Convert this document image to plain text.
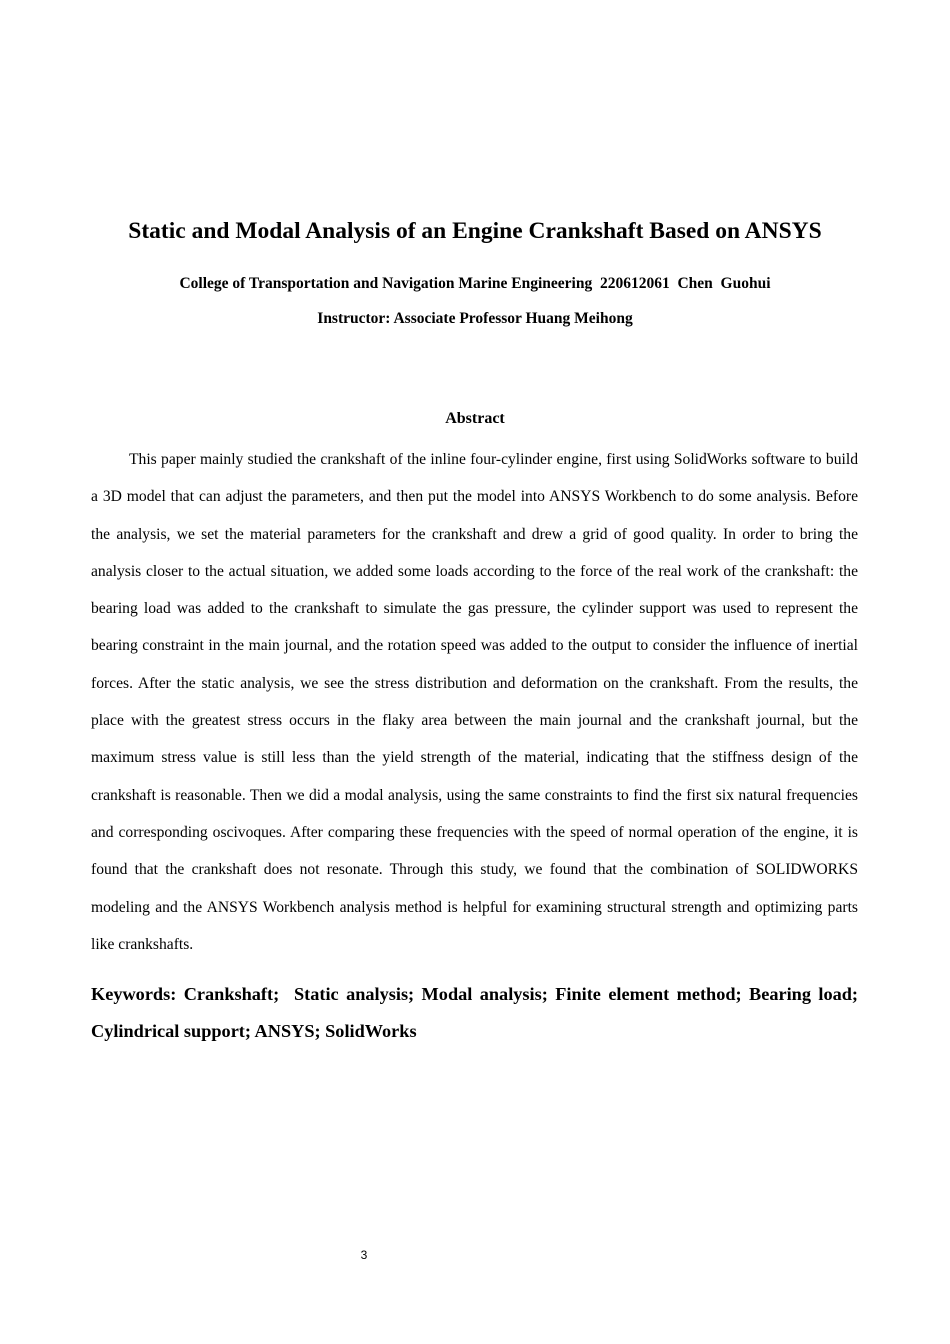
Static and Modal Analysis of an Engine Crankshaft Based on ANSYS

College of Transportation and Navigation Marine Engineering  220612061  Chen  Guohui

Instructor: Associate Professor Huang Meihong

Abstract

This paper mainly studied the crankshaft of the inline four-cylinder engine, first using SolidWorks software to build a 3D model that can adjust the parameters, and then put the model into ANSYS Workbench to do some analysis. Before the analysis, we set the material parameters for the crankshaft and drew a grid of good quality. In order to bring the analysis closer to the actual situation, we added some loads according to the force of the real work of the crankshaft: the bearing load was added to the crankshaft to simulate the gas pressure, the cylinder support was used to represent the bearing constraint in the main journal, and the rotation speed was added to the output to consider the influence of inertial forces. After the static analysis, we see the stress distribution and deformation on the crankshaft. From the results, the place with the greatest stress occurs in the flaky area between the main journal and the crankshaft journal, but the maximum stress value is still less than the yield strength of the material, indicating that the stiffness design of the crankshaft is reasonable. Then we did a modal analysis, using the same constraints to find the first six natural frequencies and corresponding oscivoques. After comparing these frequencies with the speed of normal operation of the engine, it is found that the crankshaft does not resonate. Through this study, we found that the combination of SOLIDWORKS modeling and the ANSYS Workbench analysis method is helpful for examining structural strength and optimizing parts like crankshafts.

Keywords: Crankshaft;  Static analysis; Modal analysis; Finite element method; Bearing load; Cylindrical support; ANSYS; SolidWorks

3
